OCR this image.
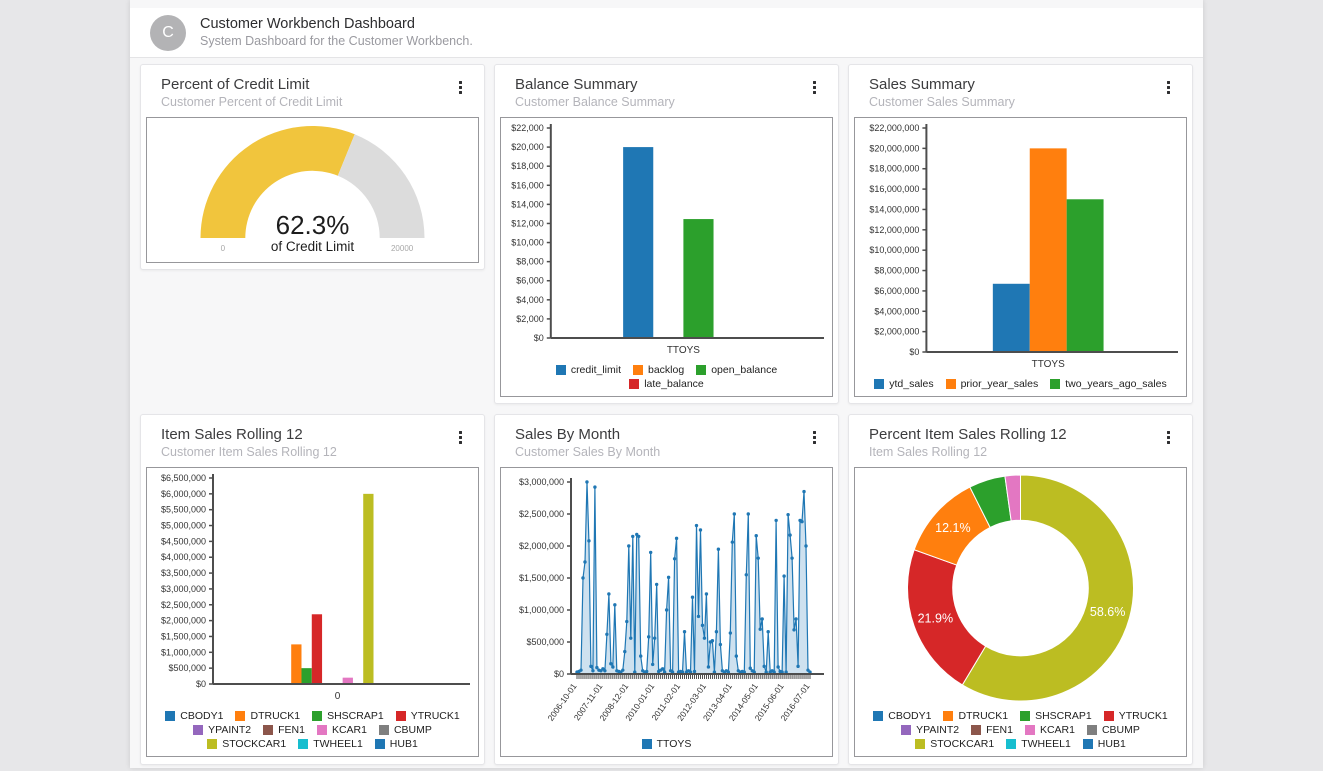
C	Customer Workbench Dashboard
System Dashboard for the Customer Workbench.
Percent of Credit Limit
Customer Percent of Credit Limit
62.3%
of Credit Limit
0	20000
Balance Summary
Customer Balance Summary
$0
$2,000
$4,000
$6,000
$8,000
$10,000
$12,000
$14,000
$16,000
$18,000
$20,000
$22,000
TTOYS
credit_limit	backlog	open_balance
late_balance
Sales Summary
Customer Sales Summary
$0
$2,000,000
$4,000,000
$6,000,000
$8,000,000
$10,000,000
$12,000,000
$14,000,000
$16,000,000
$18,000,000
$20,000,000
$22,000,000
TTOYS
ytd_sales	prior_year_sales	two_years_ago_sales
Item Sales Rolling 12
Customer Item Sales Rolling 12
$0
$500,000
$1,000,000
$1,500,000
$2,000,000
$2,500,000
$3,000,000
$3,500,000
$4,000,000
$4,500,000
$5,000,000
$5,500,000
$6,000,000
$6,500,000
0
CBODY1	DTRUCK1	SHSCRAP1	YTRUCK1
YPAINT2	FEN1	KCAR1	CBUMP
STOCKCAR1	TWHEEL1	HUB1
Sales By Month
Customer Sales By Month
$0
$500,000
$1,000,000
$1,500,000
$2,000,000
$2,500,000
$3,000,000
2006-10-01
2007-11-01
2008-12-01
2010-01-01
2011-02-01
2012-03-01
2013-04-01
2014-05-01
2015-06-01
2016-07-01
TTOYS
Percent Item Sales Rolling 12
Item Sales Rolling 12
58.6%
21.9%
12.1%
CBODY1	DTRUCK1	SHSCRAP1	YTRUCK1
YPAINT2	FEN1	KCAR1	CBUMP
STOCKCAR1	TWHEEL1	HUB1
